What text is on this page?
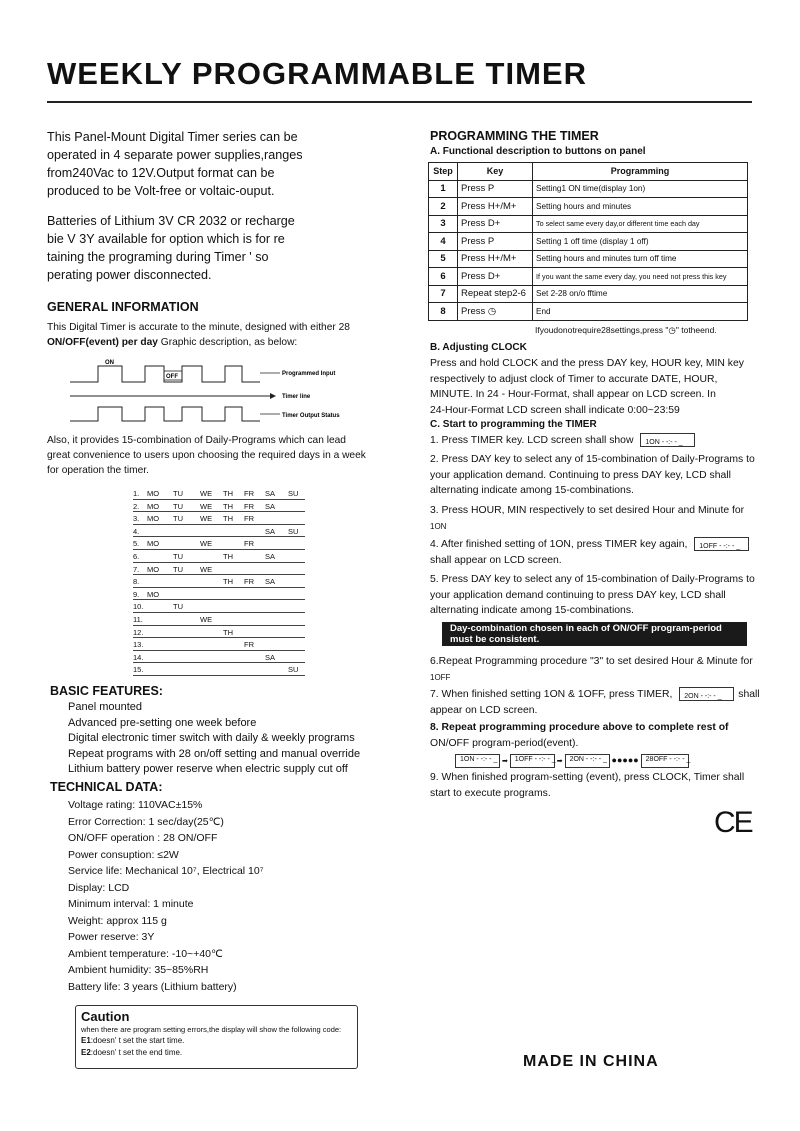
WEEKLY PROGRAMMABLE TIMER
This Panel-Mount Digital Timer series can be
operated in 4 separate power supplies,ranges
from240Vac to 12V.Output format can be
produced to be Volt-free or voltaic-ouput.
Batteries of Lithium 3V CR 2032 or recharge
bie V 3Y available for option which is for re
taining the programing during Timer ' so
perating power disconnected.
GENERAL INFORMATION
This Digital Timer is accurate to the minute, designed with either 28
ON/OFF(event) per day Graphic description, as below:
ON
OFF	Programmed Input
Timer line
Timer Output Status
Also, it provides 15-combination of Daily-Programs which can lead
great convenience to users upon choosing the required days in a week
for operation the timer.
1. MO TU WE TH FR SA SU
2. MO TU WE TH FR SA
3. MO TU WE TH FR
4.	SA SU
5. MO	WE	FR
6.	TU	TH	SA
7. MO TU WE
8.	TH FR SA
9. MO
10.	TU
11.	WE
12.	TH
13.	FR
14.	SA
15.	SU
BASIC FEATURES:
Panel mounted
Advanced pre-setting one week before
Digital electronic timer switch with daily & weekly programs
Repeat programs with 28 on/off setting and manual override
Lithium battery power reserve when electric supply cut off
TECHNICAL DATA:
Voltage rating: 110VAC±15%
Error Correction: 1 sec/day(25℃)
ON/OFF operation : 28 ON/OFF
Power consuption: ≤2W
Service life: Mechanical 10⁷, Electrical 10⁷
Display: LCD
Minimum interval: 1 minute
Weight: approx 115 g
Power reserve: 3Y
Ambient temperature: -10~+40℃
Ambient humidity: 35~85%RH
Battery life: 3 years (Lithium battery)
Caution
when there are program setting errors,the display will show the following code:
E1:doesn' t set the start time.
E2:doesn' t set the end time.
PROGRAMMING THE TIMER
A. Functional description to buttons on panel
Step	Key	Programming
1	Press P	Setting1 ON time(display 1on)
2	Press H+/M+	Setting hours and minutes
3	Press D+	To select same every day,or different time each day
4	Press P	Setting 1 off time (display 1 off)
5	Press H+/M+	Setting hours and minutes turn off time
6	Press D+	If you want the same every day, you need not press this key
7	Repeat step2-6	Set 2-28 on/o fftime
8	Press ◷	End
Ifyoudonotrequire28settings,press "◷" totheend.
B. Adjusting CLOCK
Press and hold CLOCK and the press DAY key, HOUR key, MIN key
respectively to adjust clock of Timer to accurate DATE, HOUR,
MINUTE. In 24 - Hour-Format, shall appear on LCD screen. In
24-Hour-Format LCD screen shall indicate 0:00~23:59
C. Start to programming the TIMER
1. Press TIMER key. LCD screen shall show 1ON - -:- - _
2. Press DAY key to select any of 15-combination of Daily-Programs to
your application demand. Continuing to press DAY key, LCD shall
alternating indicate among 15-combinations.
3. Press HOUR, MIN respectively to set desired Hour and Minute for
1ON
4. After finished setting of 1ON, press TIMER key again, 1OFF - -:- - _
shall appear on LCD screen.
5. Press DAY key to select any of 15-combination of Daily-Programs to
your application demand continuing to press DAY key, LCD shall
alternating indicate among 15-combinations.
Day-combination chosen in each of ON/OFF program-period
must be consistent.
6.Repeat Programming procedure "3" to set desired Hour & Minute for
1OFF
7. When finished setting 1ON & 1OFF, press TIMER, 2ON - -:- - _ shall
appear on LCD screen.
8. Repeat programming procedure above to complete rest of
ON/OFF program-period(event).
1ON - -:- - _ ➡ 1OFF - -:- - _ ➡ 2ON - -:- - _ ●●●●● 28OFF - -:- - _
9. When finished program-setting (event), press CLOCK, Timer shall
start to execute programs.
CE
MADE IN CHINA
